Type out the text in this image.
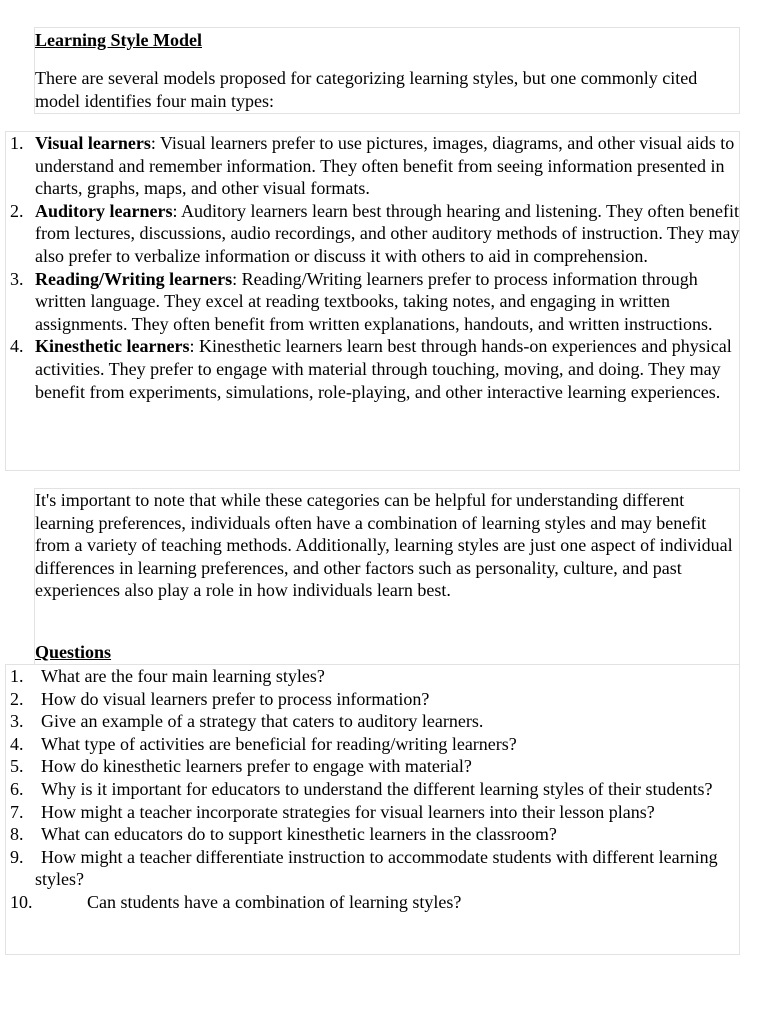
Learning Style Model

There are several models proposed for categorizing learning styles, but one commonly cited model identifies four main types:

1. Visual learners: Visual learners prefer to use pictures, images, diagrams, and other visual aids to understand and remember information. They often benefit from seeing information presented in charts, graphs, maps, and other visual formats.
2. Auditory learners: Auditory learners learn best through hearing and listening. They often benefit from lectures, discussions, audio recordings, and other auditory methods of instruction. They may also prefer to verbalize information or discuss it with others to aid in comprehension.
3. Reading/Writing learners: Reading/Writing learners prefer to process information through written language. They excel at reading textbooks, taking notes, and engaging in written assignments. They often benefit from written explanations, handouts, and written instructions.
4. Kinesthetic learners: Kinesthetic learners learn best through hands-on experiences and physical activities. They prefer to engage with material through touching, moving, and doing. They may benefit from experiments, simulations, role-playing, and other interactive learning experiences.

It's important to note that while these categories can be helpful for understanding different learning preferences, individuals often have a combination of learning styles and may benefit from a variety of teaching methods. Additionally, learning styles are just one aspect of individual differences in learning preferences, and other factors such as personality, culture, and past experiences also play a role in how individuals learn best.

Questions
1. What are the four main learning styles?
2. How do visual learners prefer to process information?
3. Give an example of a strategy that caters to auditory learners.
4. What type of activities are beneficial for reading/writing learners?
5. How do kinesthetic learners prefer to engage with material?
6. Why is it important for educators to understand the different learning styles of their students?
7. How might a teacher incorporate strategies for visual learners into their lesson plans?
8. What can educators do to support kinesthetic learners in the classroom?
9. How might a teacher differentiate instruction to accommodate students with different learning styles?
10.	Can students have a combination of learning styles?
